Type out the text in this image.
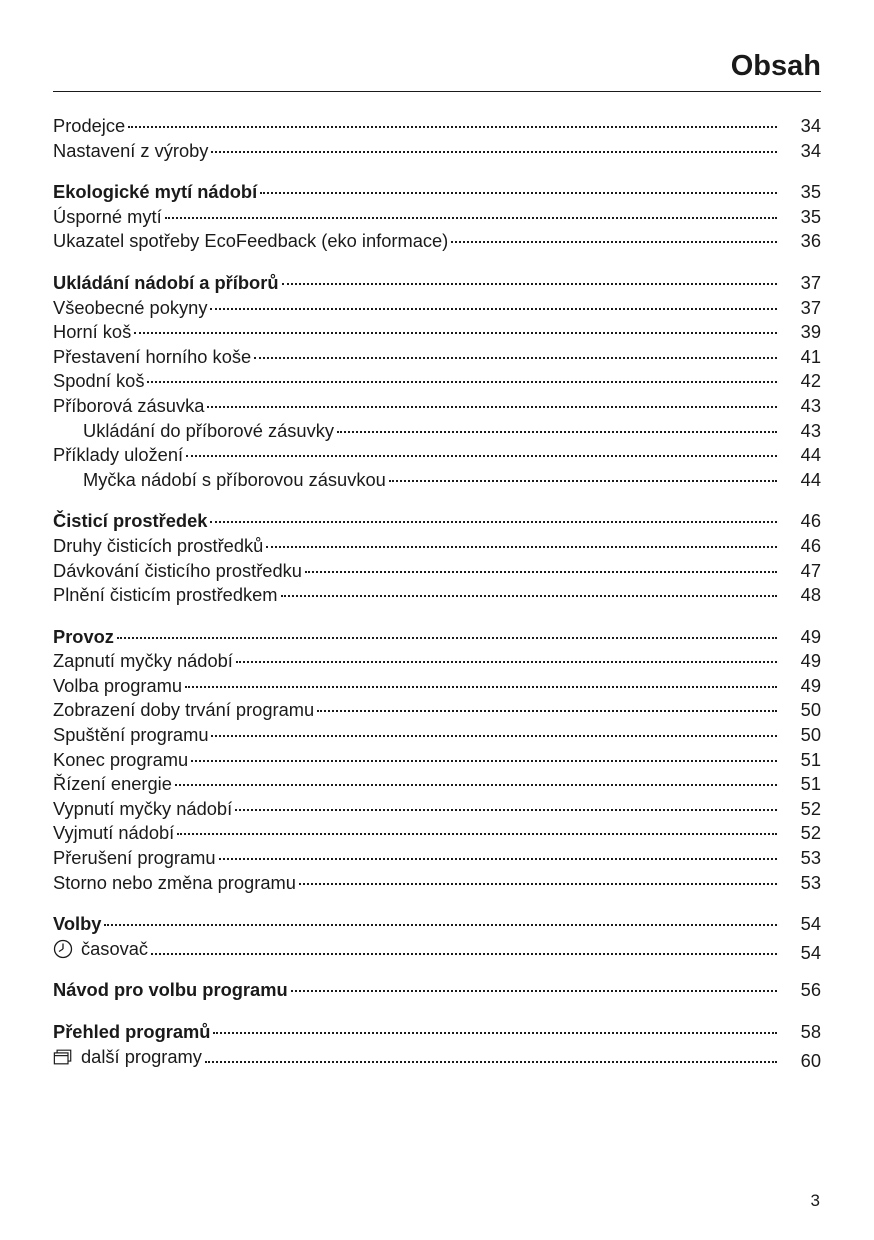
Obsah
Prodejce	34
Nastavení z výroby	34
Ekologické mytí nádobí	35
Úsporné mytí	35
Ukazatel spotřeby EcoFeedback (eko informace)	36
Ukládání nádobí a příborů	37
Všeobecné pokyny	37
Horní koš	39
Přestavení horního koše	41
Spodní koš	42
Příborová zásuvka	43
Ukládání do příborové zásuvky	43
Příklady uložení	44
Myčka nádobí s příborovou zásuvkou	44
Čisticí prostředek	46
Druhy čisticích prostředků	46
Dávkování čisticího prostředku	47
Plnění čisticím prostředkem	48
Provoz	49
Zapnutí myčky nádobí	49
Volba programu	49
Zobrazení doby trvání programu	50
Spuštění programu	50
Konec programu	51
Řízení energie	51
Vypnutí myčky nádobí	52
Vyjmutí nádobí	52
Přerušení programu	53
Storno nebo změna programu	53
Volby	54
časovač	54
Návod pro volbu programu	56
Přehled programů	58
další programy	60

3
